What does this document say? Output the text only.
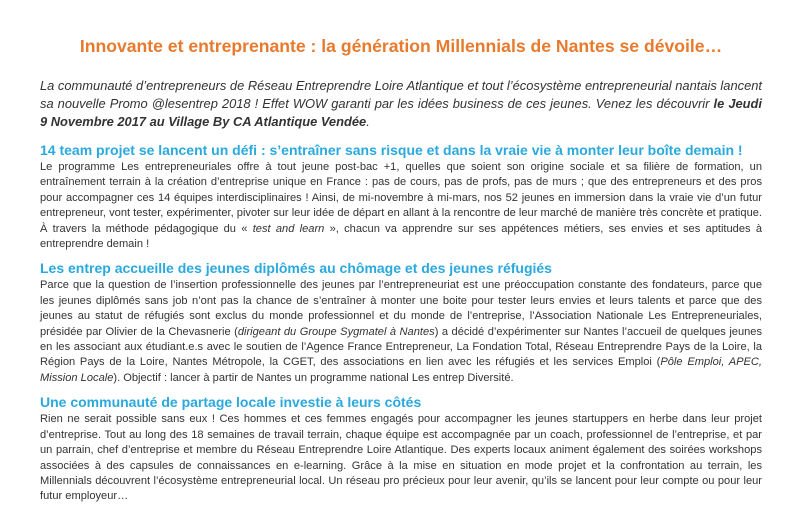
Innovante et entreprenante : la génération Millennials de Nantes se dévoile…

La communauté d’entrepreneurs de Réseau Entreprendre Loire Atlantique et tout l’écosystème entrepreneurial nantais lancent sa nouvelle Promo @lesentrep 2018 ! Effet WOW garanti par les idées business de ces jeunes. Venez les découvrir le Jeudi 9 Novembre 2017 au Village By CA Atlantique Vendée.

14 team projet se lancent un défi : s’entraîner sans risque et dans la vraie vie à monter leur boîte demain !

Le programme Les entrepreneuriales offre à tout jeune post-bac +1, quelles que soient son origine sociale et sa filière de formation, un entraînement terrain à la création d’entreprise unique en France : pas de cours, pas de profs, pas de murs ; que des entrepreneurs et des pros pour accompagner ces 14 équipes interdisciplinaires ! Ainsi, de mi-novembre à mi-mars, nos 52 jeunes en immersion dans la vraie vie d’un futur entrepreneur, vont tester, expérimenter, pivoter sur leur idée de départ en allant à la rencontre de leur marché de manière très concrète et pratique. À travers la méthode pédagogique du « test and learn », chacun va apprendre sur ses appétences métiers, ses envies et ses aptitudes à entreprendre demain !

Les entrep accueille des jeunes diplômés au chômage et des jeunes réfugiés

Parce que la question de l’insertion professionnelle des jeunes par l’entrepreneuriat est une préoccupation constante des fondateurs, parce que les jeunes diplômés sans job n’ont pas la chance de s’entraîner à monter une boite pour tester leurs envies et leurs talents et parce que des jeunes au statut de réfugiés sont exclus du monde professionnel et du monde de l’entreprise, l’Association Nationale Les Entrepreneuriales, présidée par Olivier de la Chevasnerie (dirigeant du Groupe Sygmatel à Nantes) a décidé d’expérimenter sur Nantes l’accueil de quelques jeunes en les associant aux étudiant.e.s avec le soutien de l’Agence France Entrepreneur, La Fondation Total, Réseau Entreprendre Pays de la Loire, la Région Pays de la Loire, Nantes Métropole, la CGET, des associations en lien avec les réfugiés et les services Emploi (Pôle Emploi, APEC, Mission Locale). Objectif : lancer à partir de Nantes un programme national Les entrep Diversité.

Une communauté de partage locale investie à leurs côtés

Rien ne serait possible sans eux ! Ces hommes et ces femmes engagés pour accompagner les jeunes startuppers en herbe dans leur projet d’entreprise. Tout au long des 18 semaines de travail terrain, chaque équipe est accompagnée par un coach, professionnel de l’entreprise, et par un parrain, chef d’entreprise et membre du Réseau Entreprendre Loire Atlantique. Des experts locaux animent également des soirées workshops associées à des capsules de connaissances en e-learning. Grâce à la mise en situation en mode projet et la confrontation au terrain, les Millennials découvrent l’écosystème entrepreneurial local. Un réseau pro précieux pour leur avenir, qu’ils se lancent pour leur compte ou pour leur futur employeur…
